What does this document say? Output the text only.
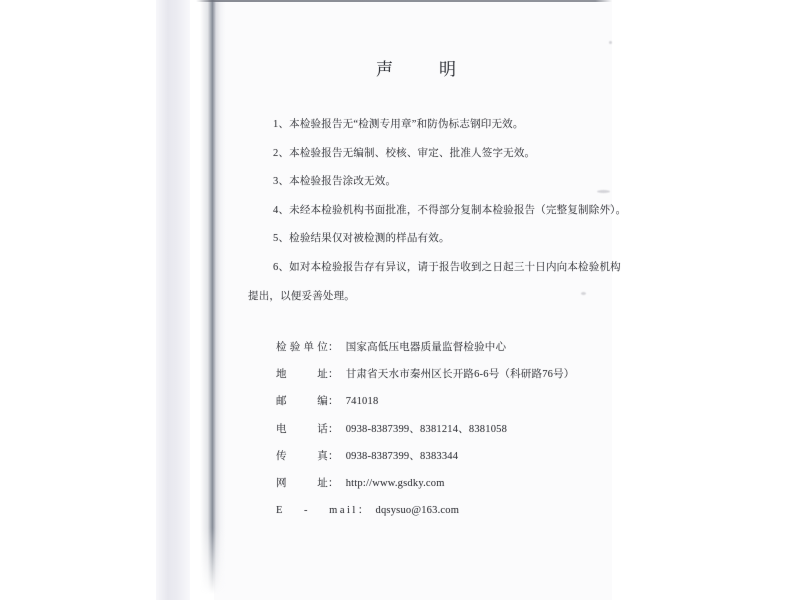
声明

1、本检验报告无“检测专用章”和防伪标志钢印无效。

2、本检验报告无编制、校核、审定、批准人签字无效。

3、本检验报告涂改无效。

4、未经本检验机构书面批准，不得部分复制本检验报告（完整复制除外）。

5、检验结果仅对被检测的样品有效。

6、如对本检验报告存有异议，请于报告收到之日起三十日内向本检验机构提出，以便妥善处理。

检验单位： 国家高低压电器质量监督检验中心
地址： 甘肃省天水市秦州区长开路6-6号（科研路76号）
邮编： 741018
电话： 0938-8387399、8381214、8381058
传真： 0938-8387399、8383344
网址： http://www.gsdky.com
E - mail： dqsysuo@163.com
